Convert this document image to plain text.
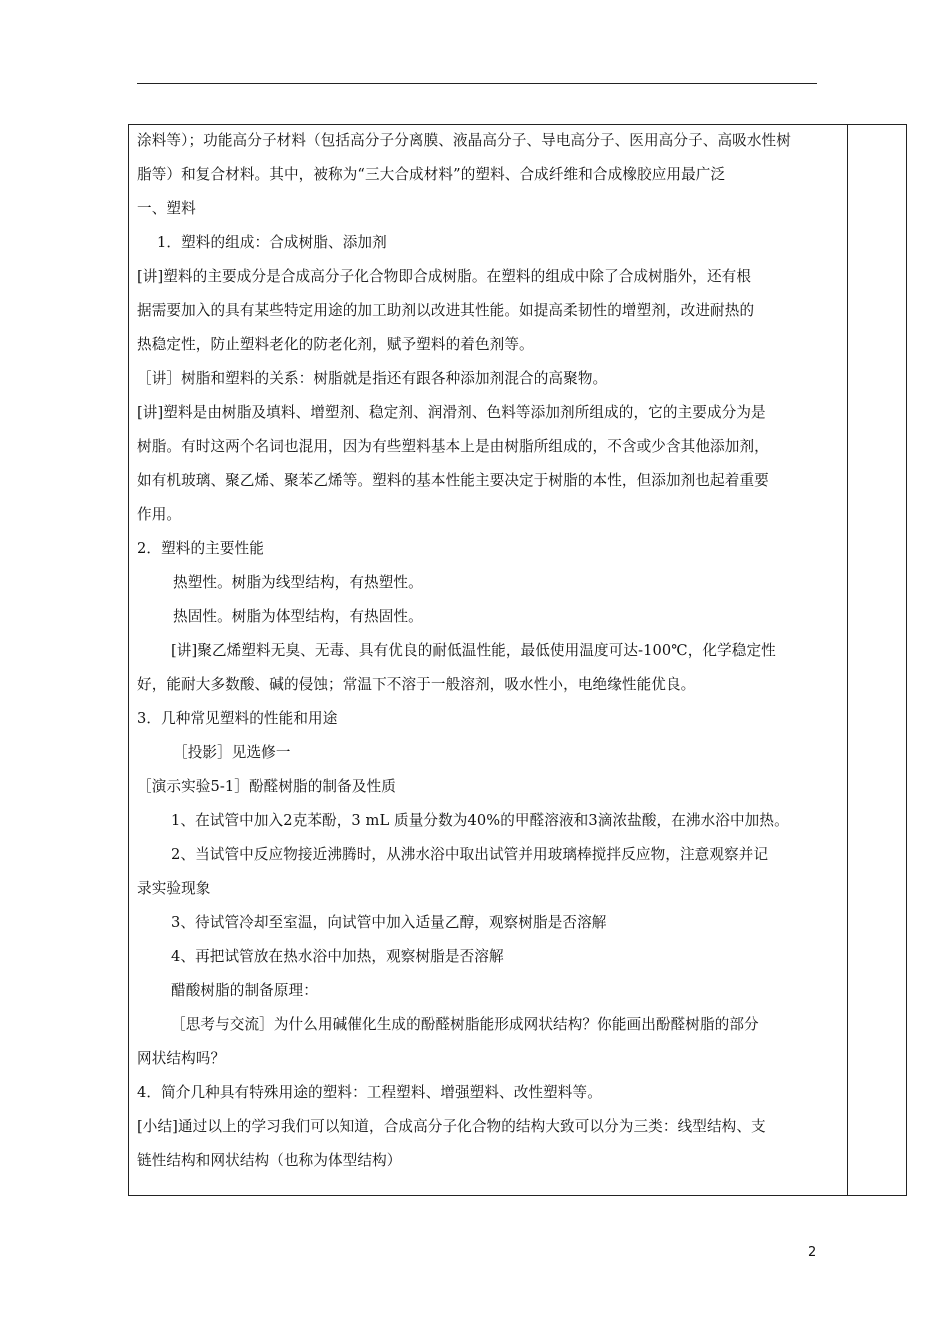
涂料等）；功能高分子材料（包括高分子分离膜、液晶高分子、导电高分子、医用高分子、高吸水性树
脂等）和复合材料。其中，被称为“三大合成材料”的塑料、合成纤维和合成橡胶应用最广泛
一、塑料
1．塑料的组成：合成树脂、添加剂
[讲]塑料的主要成分是合成高分子化合物即合成树脂。在塑料的组成中除了合成树脂外，还有根
据需要加入的具有某些特定用途的加工助剂以改进其性能。如提高柔韧性的增塑剂，改进耐热的
热稳定性，防止塑料老化的防老化剂，赋予塑料的着色剂等。
［讲］树脂和塑料的关系：树脂就是指还有跟各种添加剂混合的高聚物。
[讲]塑料是由树脂及填料、增塑剂、稳定剂、润滑剂、色料等添加剂所组成的，它的主要成分为是
树脂。有时这两个名词也混用，因为有些塑料基本上是由树脂所组成的，不含或少含其他添加剂，
如有机玻璃、聚乙烯、聚苯乙烯等。塑料的基本性能主要决定于树脂的本性，但添加剂也起着重要
作用。
2．塑料的主要性能
热塑性。树脂为线型结构，有热塑性。
热固性。树脂为体型结构，有热固性。
[讲]聚乙烯塑料无臭、无毒、具有优良的耐低温性能，最低使用温度可达-100℃，化学稳定性
好，能耐大多数酸、碱的侵蚀；常温下不溶于一般溶剂，吸水性小，电绝缘性能优良。
3．几种常见塑料的性能和用途
［投影］见选修一
［演示实验5-1］酚醛树脂的制备及性质
1、在试管中加入2克苯酚，3 mL 质量分数为40%的甲醛溶液和3滴浓盐酸，在沸水浴中加热。
2、当试管中反应物接近沸腾时，从沸水浴中取出试管并用玻璃棒搅拌反应物，注意观察并记
录实验现象
3、待试管冷却至室温，向试管中加入适量乙醇，观察树脂是否溶解
4、再把试管放在热水浴中加热，观察树脂是否溶解
醋酸树脂的制备原理：
［思考与交流］为什么用碱催化生成的酚醛树脂能形成网状结构？你能画出酚醛树脂的部分
网状结构吗？
4．简介几种具有特殊用途的塑料：工程塑料、增强塑料、改性塑料等。
[小结]通过以上的学习我们可以知道，合成高分子化合物的结构大致可以分为三类：线型结构、支
链性结构和网状结构（也称为体型结构）
2
